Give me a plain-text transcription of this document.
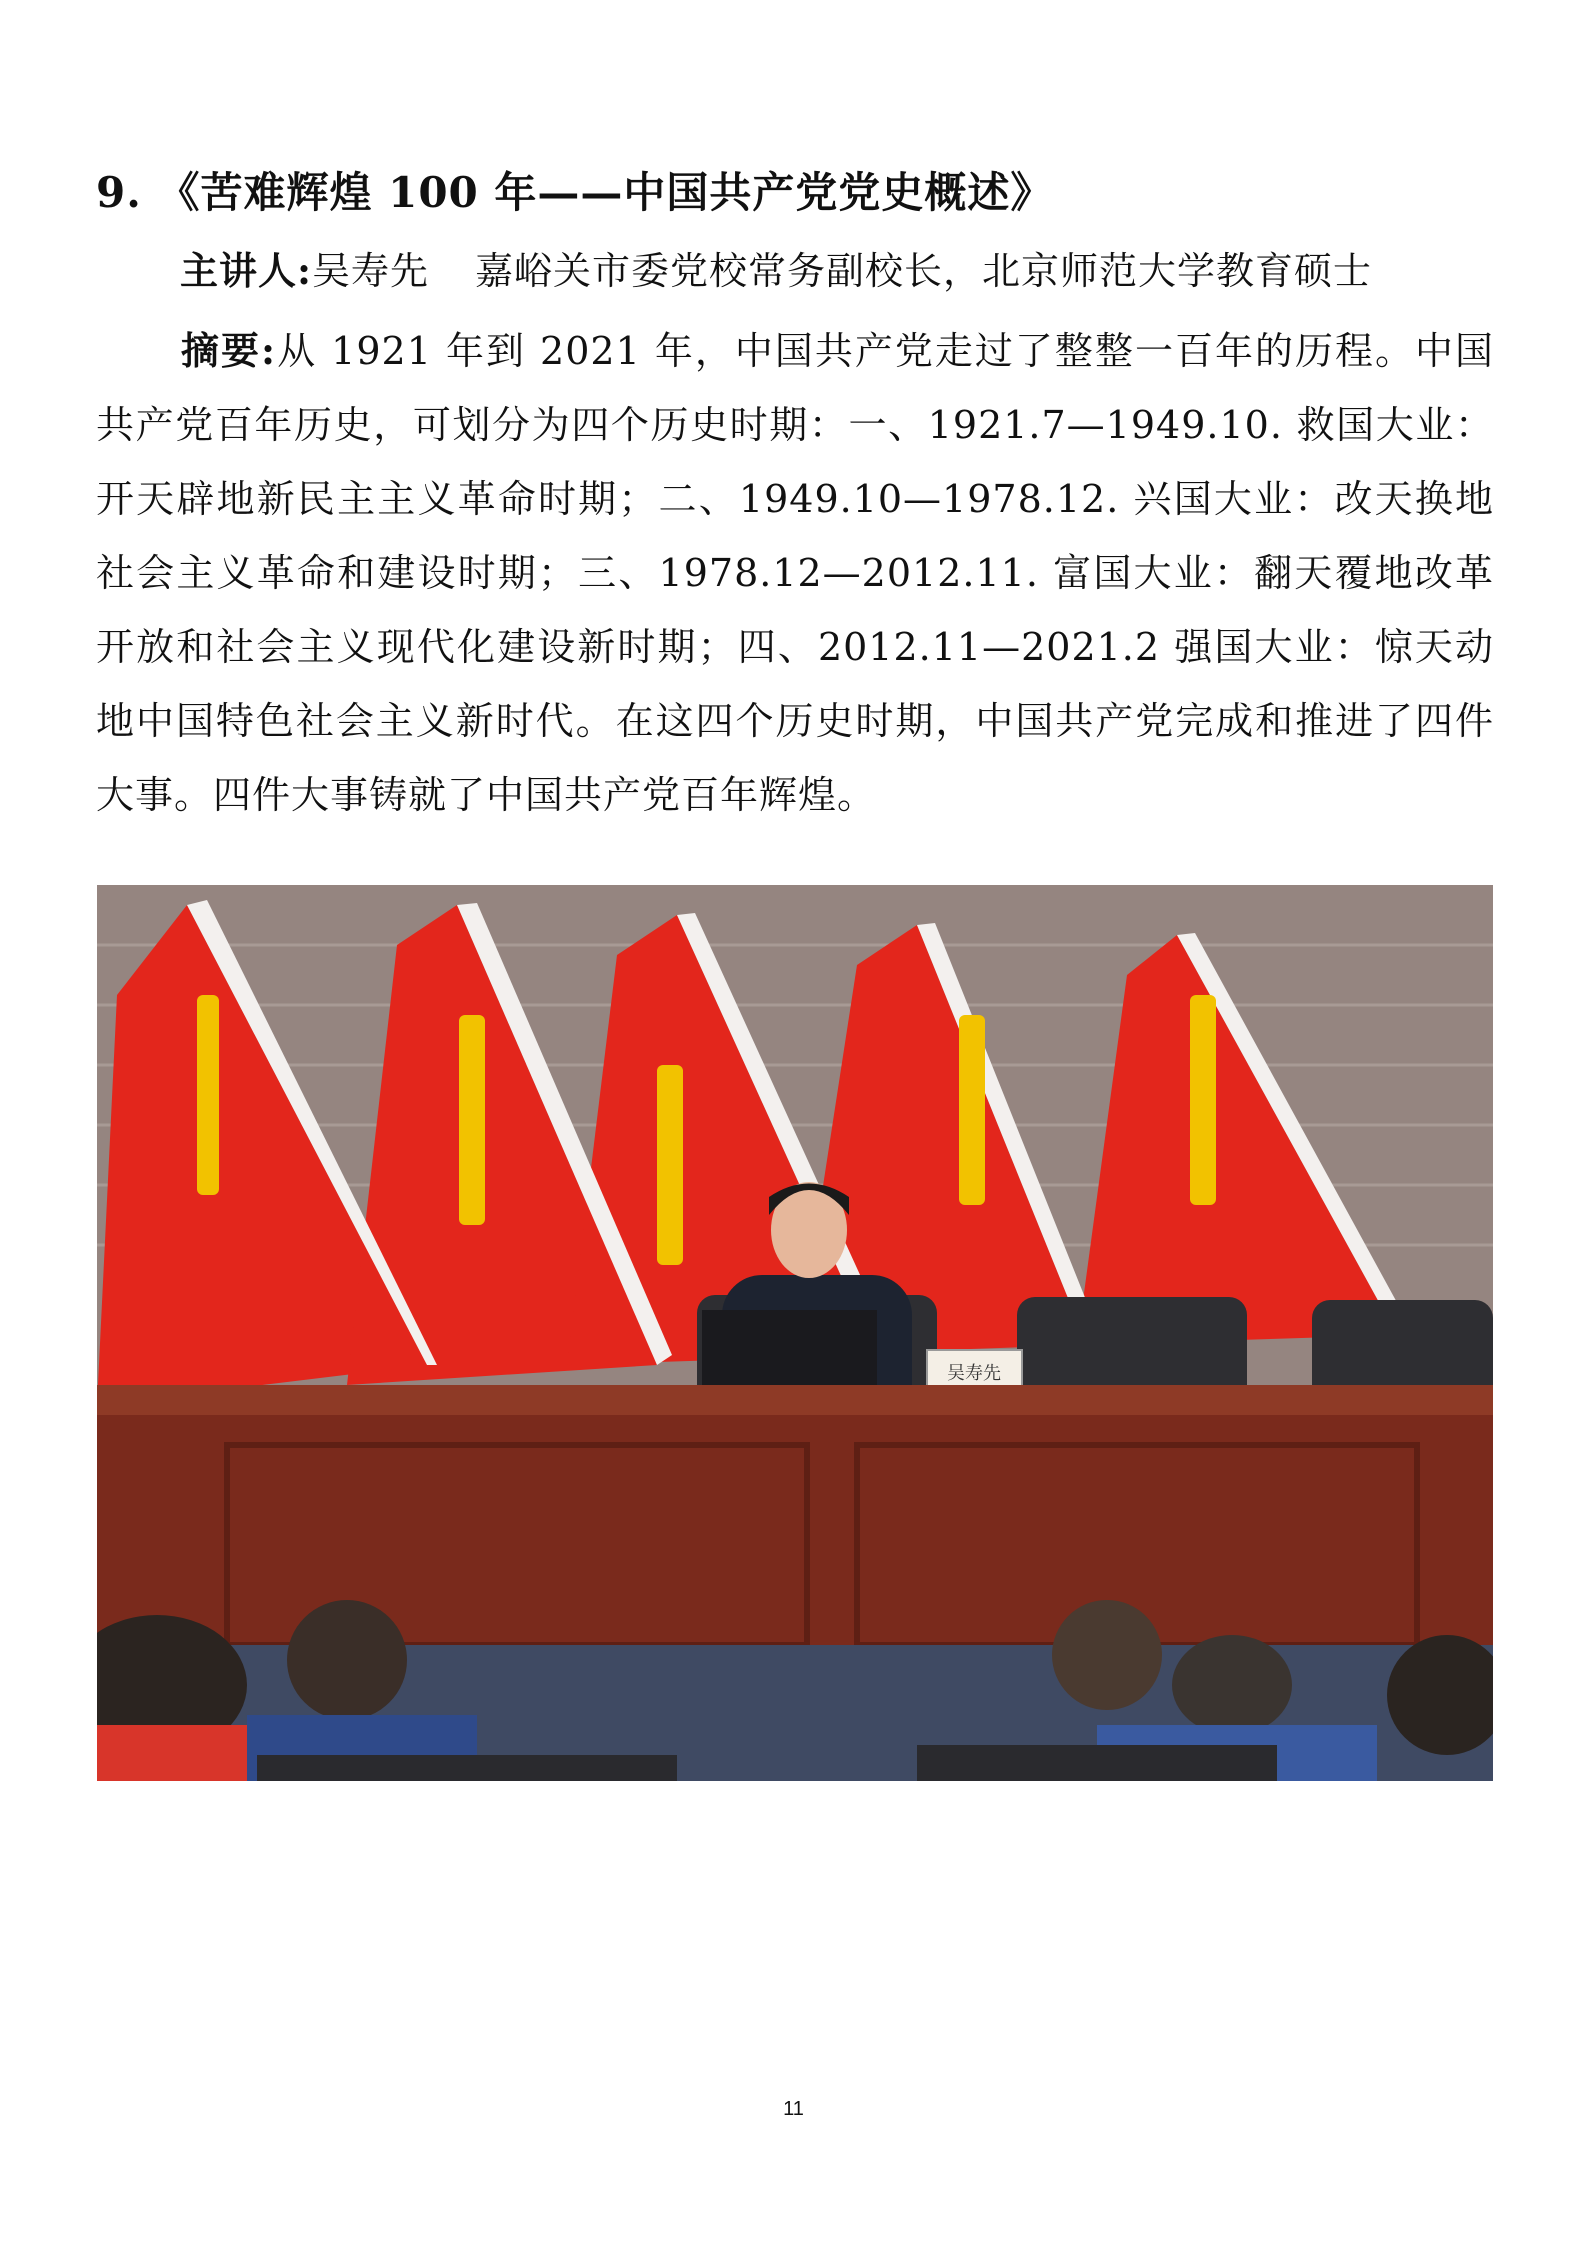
9. 《苦难辉煌 100 年——中国共产党党史概述》
主讲人:吴寿先 嘉峪关市委党校常务副校长，北京师范大学教育硕士
摘要:从 1921 年到 2021 年，中国共产党走过了整整一百年的历程。中国共产党百年历史，可划分为四个历史时期：一、1921.7—1949.10. 救国大业：开天辟地新民主主义革命时期；二、1949.10—1978.12. 兴国大业：改天换地社会主义革命和建设时期；三、1978.12—2012.11. 富国大业：翻天覆地改革开放和社会主义现代化建设新时期；四、2012.11—2021.2 强国大业：惊天动地中国特色社会主义新时代。在这四个历史时期，中国共产党完成和推进了四件大事。四件大事铸就了中国共产党百年辉煌。
吴寿先
11
